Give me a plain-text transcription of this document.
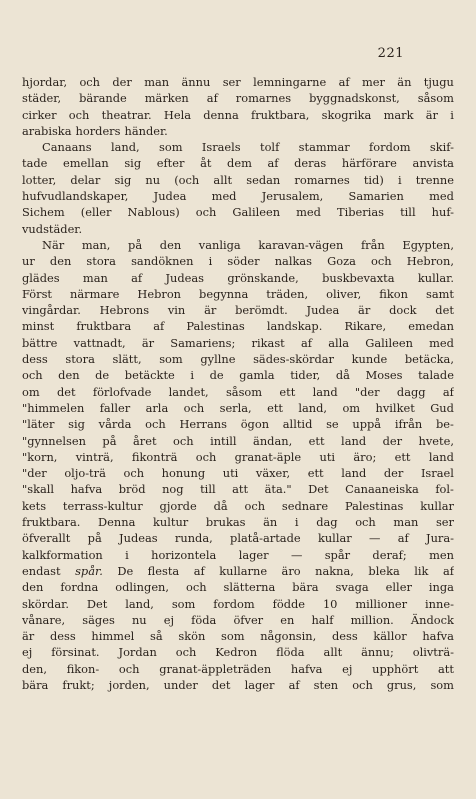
221
hjordar, och der man ännu ser lemningarne af mer än tjugu
städer, bärande märken af romarnes byggnadskonst, såsom
cirker och theatrar. Hela denna fruktbara, skogrika mark är i
arabiska horders händer.
Canaans land, som Israels tolf stammar fordom skif-
tade emellan sig efter åt dem af deras härförare anvista
lotter, delar sig nu (och allt sedan romarnes tid) i trenne
hufvudlandskaper, Judea med Jerusalem, Samarien med
Sichem (eller Nablous) och Galileen med Tiberias till huf-
vudstäder.
När man, på den vanliga karavan-vägen från Egypten,
ur den stora sandöknen i söder nalkas Goza och Hebron,
glädes man af Judeas grönskande, buskbevaxta kullar.
Först närmare Hebron begynna träden, oliver, fikon samt
vingårdar. Hebrons vin är berömdt. Judea är dock det
minst fruktbara af Palestinas landskap. Rikare, emedan
bättre vattnadt, är Samariens; rikast af alla Galileen med
dess stora slätt, som gyllne sädes-skördar kunde betäcka,
och den de betäckte i de gamla tider, då Moses talade
om det förlofvade landet, såsom ett land "der dagg af
"himmelen faller arla och serla, ett land, om hvilket Gud
"läter sig vårda och Herrans ögon alltid se uppå ifrån be-
"gynnelsen på året och intill ändan, ett land der hvete,
"korn, vinträ, fikonträ och granat-äple uti äro; ett land
"der oljo-trä och honung uti växer, ett land der Israel
"skall hafva bröd nog till att äta." Det Canaaneiska fol-
kets terrass-kultur gjorde då och sednare Palestinas kullar
fruktbara. Denna kultur brukas än i dag och man ser
öfverallt på Judeas runda, platå-artade kullar — af Jura-
kalkformation i horizontela lager — spår deraf; men
endast spår. De flesta af kullarne äro nakna, bleka lik af
den fordna odlingen, och slätterna bära svaga eller inga
skördar. Det land, som fordom födde 10 millioner inne-
vånare, säges nu ej föda öfver en half million. Ändock
är dess himmel så skön som någonsin, dess källor hafva
ej försinat. Jordan och Kedron flöda allt ännu; olivträ-
den, fikon- och granat-äppleträden hafva ej upphört att
bära frukt; jorden, under det lager af sten och grus, som
